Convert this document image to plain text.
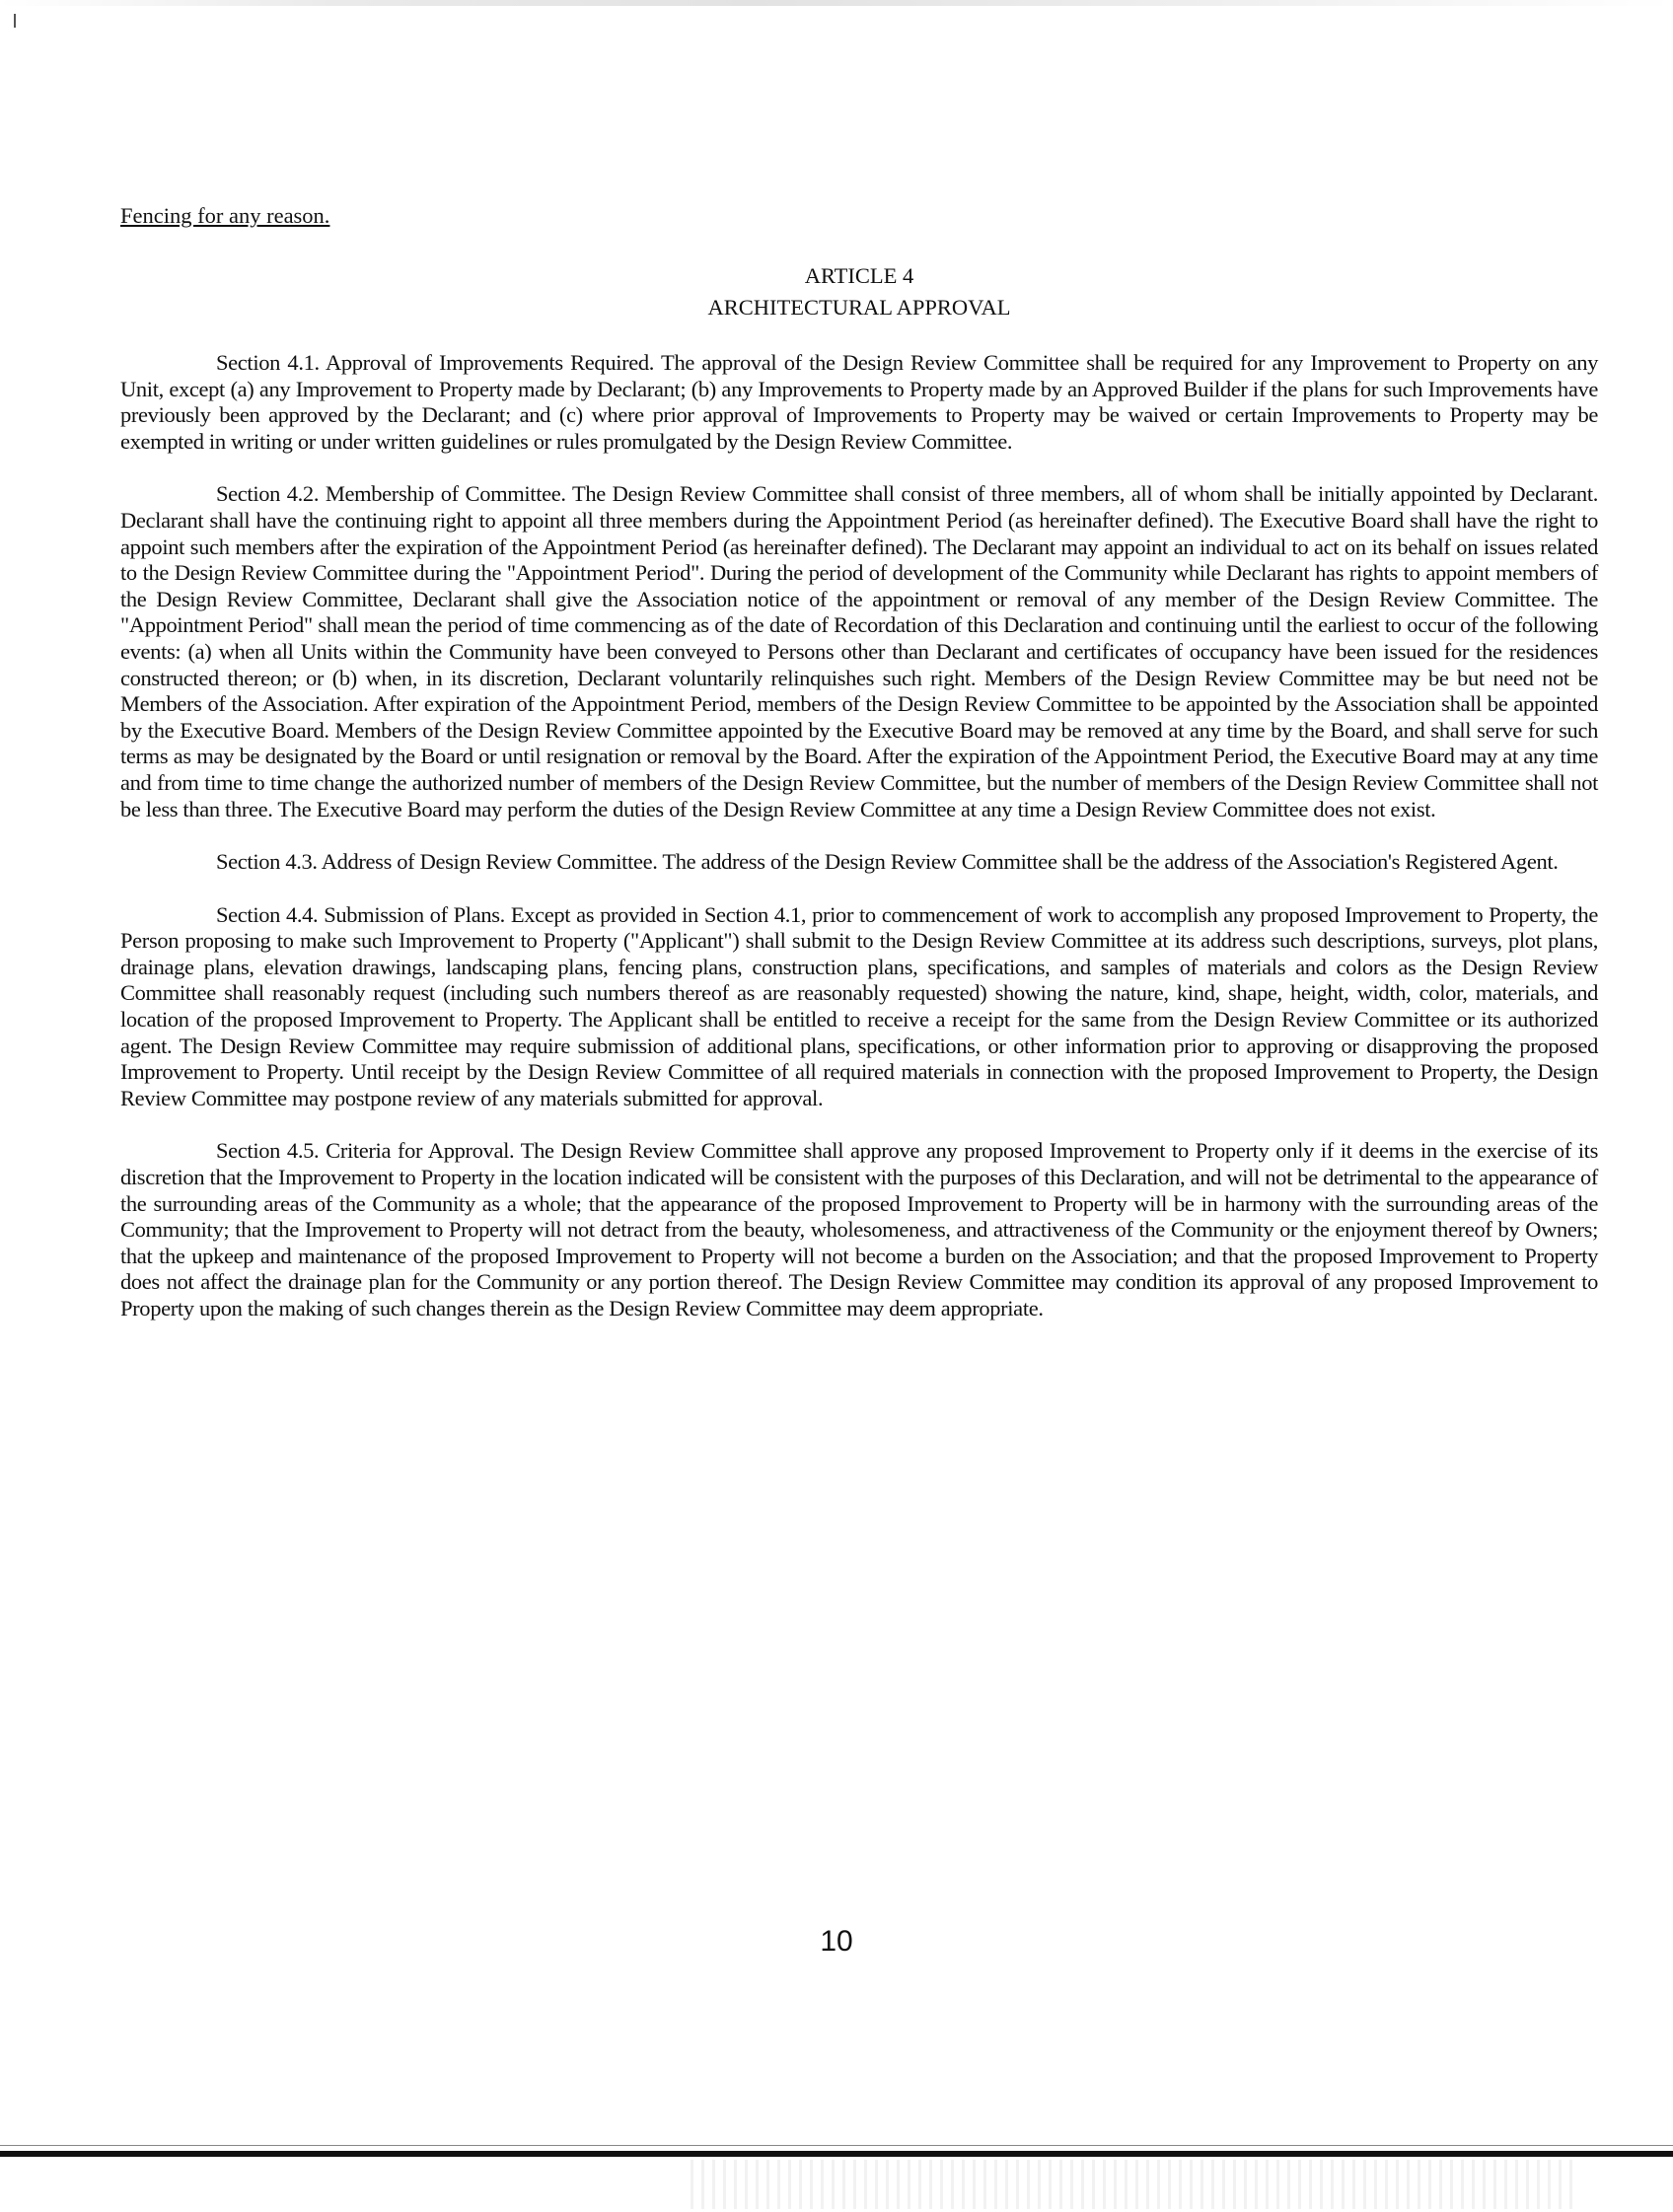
Fencing for any reason.

ARTICLE 4
ARCHITECTURAL APPROVAL

Section 4.1. Approval of Improvements Required. The approval of the Design Review Committee shall be required for any Improvement to Property on any Unit, except (a) any Improvement to Property made by Declarant; (b) any Improvements to Property made by an Approved Builder if the plans for such Improvements have previously been approved by the Declarant; and (c) where prior approval of Improvements to Property may be waived or certain Improvements to Property may be exempted in writing or under written guidelines or rules promulgated by the Design Review Committee.

Section 4.2. Membership of Committee. The Design Review Committee shall consist of three members, all of whom shall be initially appointed by Declarant. Declarant shall have the continuing right to appoint all three members during the Appointment Period (as hereinafter defined). The Executive Board shall have the right to appoint such members after the expiration of the Appointment Period (as hereinafter defined). The Declarant may appoint an individual to act on its behalf on issues related to the Design Review Committee during the "Appointment Period". During the period of development of the Community while Declarant has rights to appoint members of the Design Review Committee, Declarant shall give the Association notice of the appointment or removal of any member of the Design Review Committee. The "Appointment Period" shall mean the period of time commencing as of the date of Recordation of this Declaration and continuing until the earliest to occur of the following events: (a) when all Units within the Community have been conveyed to Persons other than Declarant and certificates of occupancy have been issued for the residences constructed thereon; or (b) when, in its discretion, Declarant voluntarily relinquishes such right. Members of the Design Review Committee may be but need not be Members of the Association. After expiration of the Appointment Period, members of the Design Review Committee to be appointed by the Association shall be appointed by the Executive Board. Members of the Design Review Committee appointed by the Executive Board may be removed at any time by the Board, and shall serve for such terms as may be designated by the Board or until resignation or removal by the Board. After the expiration of the Appointment Period, the Executive Board may at any time and from time to time change the authorized number of members of the Design Review Committee, but the number of members of the Design Review Committee shall not be less than three. The Executive Board may perform the duties of the Design Review Committee at any time a Design Review Committee does not exist.

Section 4.3. Address of Design Review Committee. The address of the Design Review Committee shall be the address of the Association's Registered Agent.

Section 4.4. Submission of Plans. Except as provided in Section 4.1, prior to commencement of work to accomplish any proposed Improvement to Property, the Person proposing to make such Improvement to Property ("Applicant") shall submit to the Design Review Committee at its address such descriptions, surveys, plot plans, drainage plans, elevation drawings, landscaping plans, fencing plans, construction plans, specifications, and samples of materials and colors as the Design Review Committee shall reasonably request (including such numbers thereof as are reasonably requested) showing the nature, kind, shape, height, width, color, materials, and location of the proposed Improvement to Property. The Applicant shall be entitled to receive a receipt for the same from the Design Review Committee or its authorized agent. The Design Review Committee may require submission of additional plans, specifications, or other information prior to approving or disapproving the proposed Improvement to Property. Until receipt by the Design Review Committee of all required materials in connection with the proposed Improvement to Property, the Design Review Committee may postpone review of any materials submitted for approval.

Section 4.5. Criteria for Approval. The Design Review Committee shall approve any proposed Improvement to Property only if it deems in the exercise of its discretion that the Improvement to Property in the location indicated will be consistent with the purposes of this Declaration, and will not be detrimental to the appearance of the surrounding areas of the Community as a whole; that the appearance of the proposed Improvement to Property will be in harmony with the surrounding areas of the Community; that the Improvement to Property will not detract from the beauty, wholesomeness, and attractiveness of the Community or the enjoyment thereof by Owners; that the upkeep and maintenance of the proposed Improvement to Property will not become a burden on the Association; and that the proposed Improvement to Property does not affect the drainage plan for the Community or any portion thereof. The Design Review Committee may condition its approval of any proposed Improvement to Property upon the making of such changes therein as the Design Review Committee may deem appropriate.

10
